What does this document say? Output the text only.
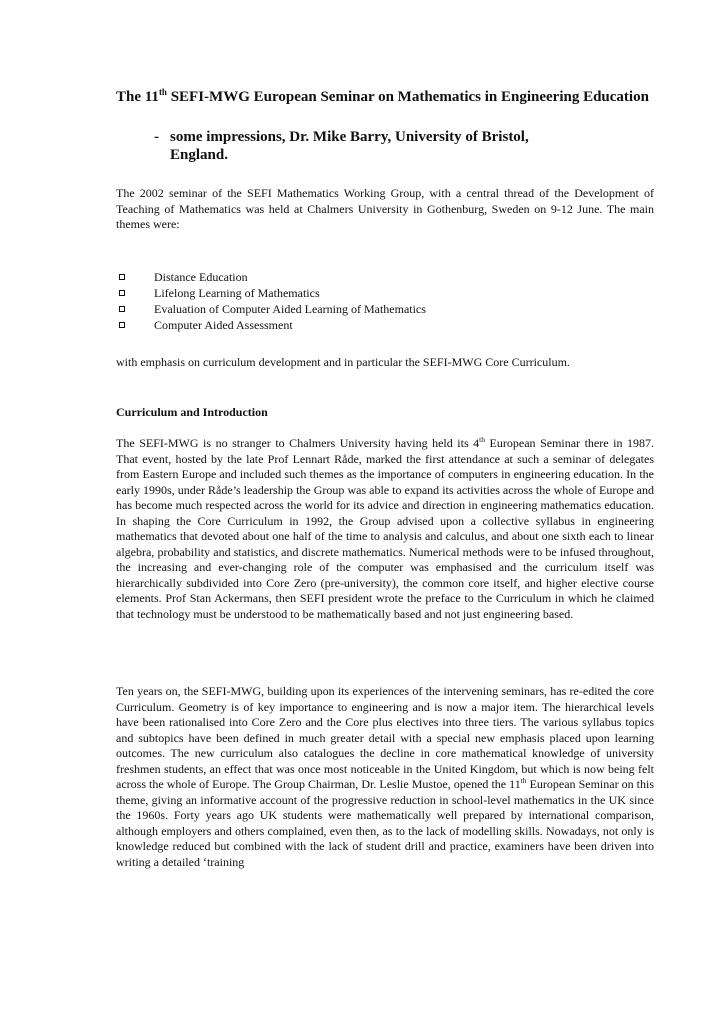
The 11th SEFI-MWG European Seminar on Mathematics in Engineering Education
- some impressions, Dr. Mike Barry, University of Bristol,
England.

The 2002 seminar of the SEFI Mathematics Working Group, with a central thread of the Development of Teaching of Mathematics was held at Chalmers University in Gothenburg, Sweden on 9-12 June. The main themes were:

Distance Education
Lifelong Learning of Mathematics
Evaluation of Computer Aided Learning of Mathematics
Computer Aided Assessment

with emphasis on curriculum development and in particular the SEFI-MWG Core Curriculum.

Curriculum and Introduction

The SEFI-MWG is no stranger to Chalmers University having held its 4th European Seminar there in 1987. That event, hosted by the late Prof Lennart Råde, marked the first attendance at such a seminar of delegates from Eastern Europe and included such themes as the importance of computers in engineering education. In the early 1990s, under Råde’s leadership the Group was able to expand its activities across the whole of Europe and has become much respected across the world for its advice and direction in engineering mathematics education. In shaping the Core Curriculum in 1992, the Group advised upon a collective syllabus in engineering mathematics that devoted about one half of the time to analysis and calculus, and about one sixth each to linear algebra, probability and statistics, and discrete mathematics. Numerical methods were to be infused throughout, the increasing and ever-changing role of the computer was emphasised and the curriculum itself was hierarchically subdivided into Core Zero (pre-university), the common core itself, and higher elective course elements. Prof Stan Ackermans, then SEFI president wrote the preface to the Curriculum in which he claimed that technology must be understood to be mathematically based and not just engineering based.

Ten years on, the SEFI-MWG, building upon its experiences of the intervening seminars, has re-edited the core Curriculum. Geometry is of key importance to engineering and is now a major item. The hierarchical levels have been rationalised into Core Zero and the Core plus electives into three tiers. The various syllabus topics and subtopics have been defined in much greater detail with a special new emphasis placed upon learning outcomes. The new curriculum also catalogues the decline in core mathematical knowledge of university freshmen students, an effect that was once most noticeable in the United Kingdom, but which is now being felt across the whole of Europe. The Group Chairman, Dr. Leslie Mustoe, opened the 11th European Seminar on this theme, giving an informative account of the progressive reduction in school-level mathematics in the UK since the 1960s. Forty years ago UK students were mathematically well prepared by international comparison, although employers and others complained, even then, as to the lack of modelling skills. Nowadays, not only is knowledge reduced but combined with the lack of student drill and practice, examiners have been driven into writing a detailed ‘training
